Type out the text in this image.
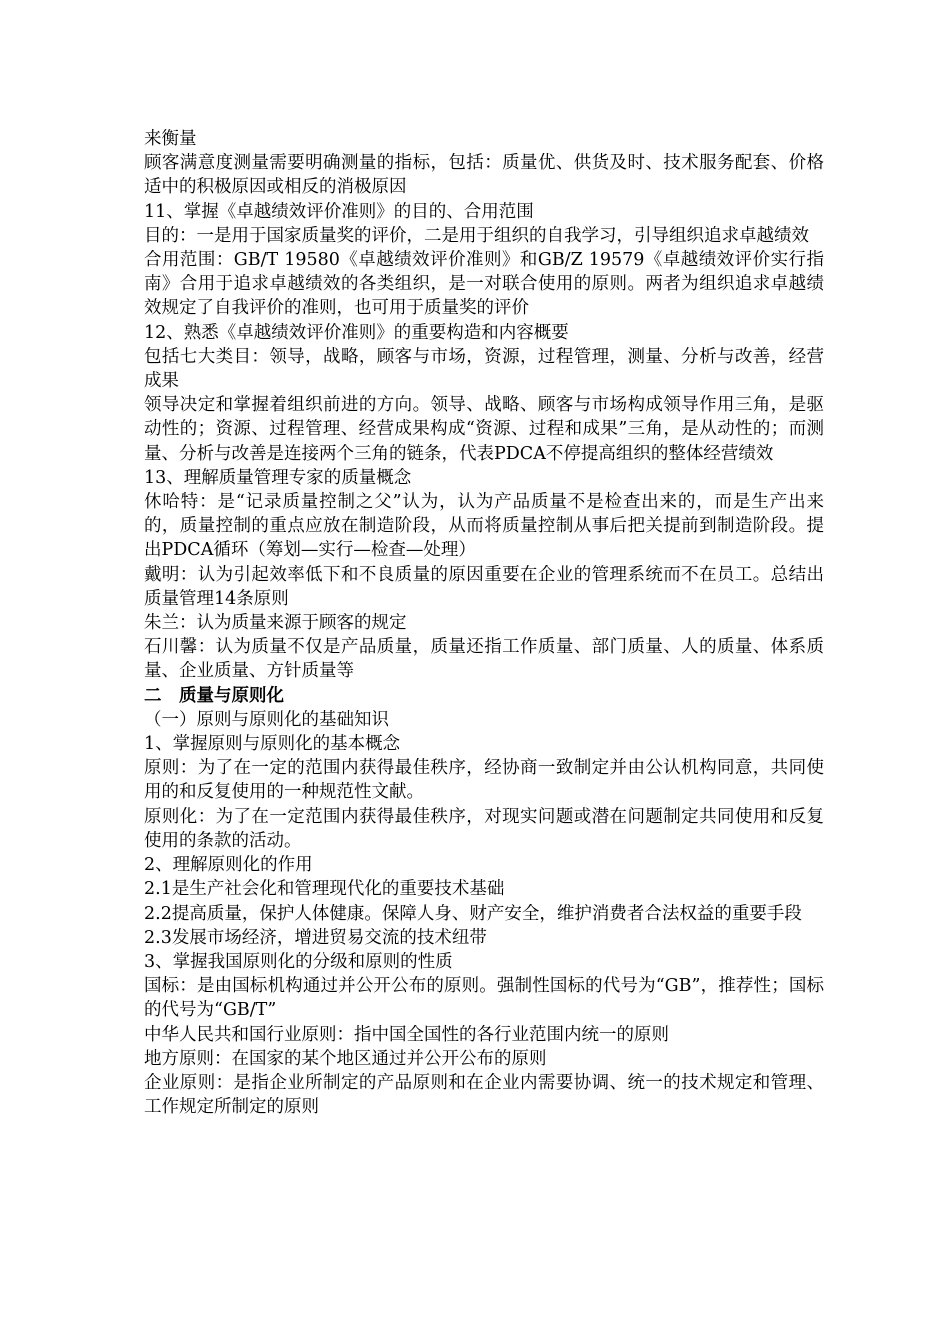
来衡量

顾客满意度测量需要明确测量的指标，包括：质量优、供货及时、技术服务配套、价格适中的积极原因或相反的消极原因

11、掌握《卓越绩效评价准则》的目的、合用范围

目的：一是用于国家质量奖的评价，二是用于组织的自我学习，引导组织追求卓越绩效

合用范围：GB/T 19580《卓越绩效评价准则》和GB/Z 19579《卓越绩效评价实行指南》合用于追求卓越绩效的各类组织，是一对联合使用的原则。两者为组织追求卓越绩效规定了自我评价的准则，也可用于质量奖的评价

12、熟悉《卓越绩效评价准则》的重要构造和内容概要

包括七大类目：领导，战略，顾客与市场，资源，过程管理，测量、分析与改善，经营成果

领导决定和掌握着组织前进的方向。领导、战略、顾客与市场构成领导作用三角，是驱动性的；资源、过程管理、经营成果构成“资源、过程和成果”三角，是从动性的；而测量、分析与改善是连接两个三角的链条，代表PDCA不停提高组织的整体经营绩效

13、理解质量管理专家的质量概念

休哈特：是“记录质量控制之父”认为，认为产品质量不是检查出来的，而是生产出来的，质量控制的重点应放在制造阶段，从而将质量控制从事后把关提前到制造阶段。提出PDCA循环（筹划—实行—检查—处理）

戴明：认为引起效率低下和不良质量的原因重要在企业的管理系统而不在员工。总结出质量管理14条原则

朱兰：认为质量来源于顾客的规定

石川馨：认为质量不仅是产品质量，质量还指工作质量、部门质量、人的质量、体系质量、企业质量、方针质量等

二　质量与原则化

（一）原则与原则化的基础知识

1、掌握原则与原则化的基本概念

原则：为了在一定的范围内获得最佳秩序，经协商一致制定并由公认机构同意，共同使用的和反复使用的一种规范性文献。

原则化：为了在一定范围内获得最佳秩序，对现实问题或潜在问题制定共同使用和反复使用的条款的活动。

2、理解原则化的作用

2.1是生产社会化和管理现代化的重要技术基础

2.2提高质量，保护人体健康。保障人身、财产安全，维护消费者合法权益的重要手段

2.3发展市场经济，增进贸易交流的技术纽带

3、掌握我国原则化的分级和原则的性质

国标：是由国标机构通过并公开公布的原则。强制性国标的代号为“GB”，推荐性；国标的代号为“GB/T”

中华人民共和国行业原则：指中国全国性的各行业范围内统一的原则

地方原则：在国家的某个地区通过并公开公布的原则

企业原则：是指企业所制定的产品原则和在企业内需要协调、统一的技术规定和管理、工作规定所制定的原则
